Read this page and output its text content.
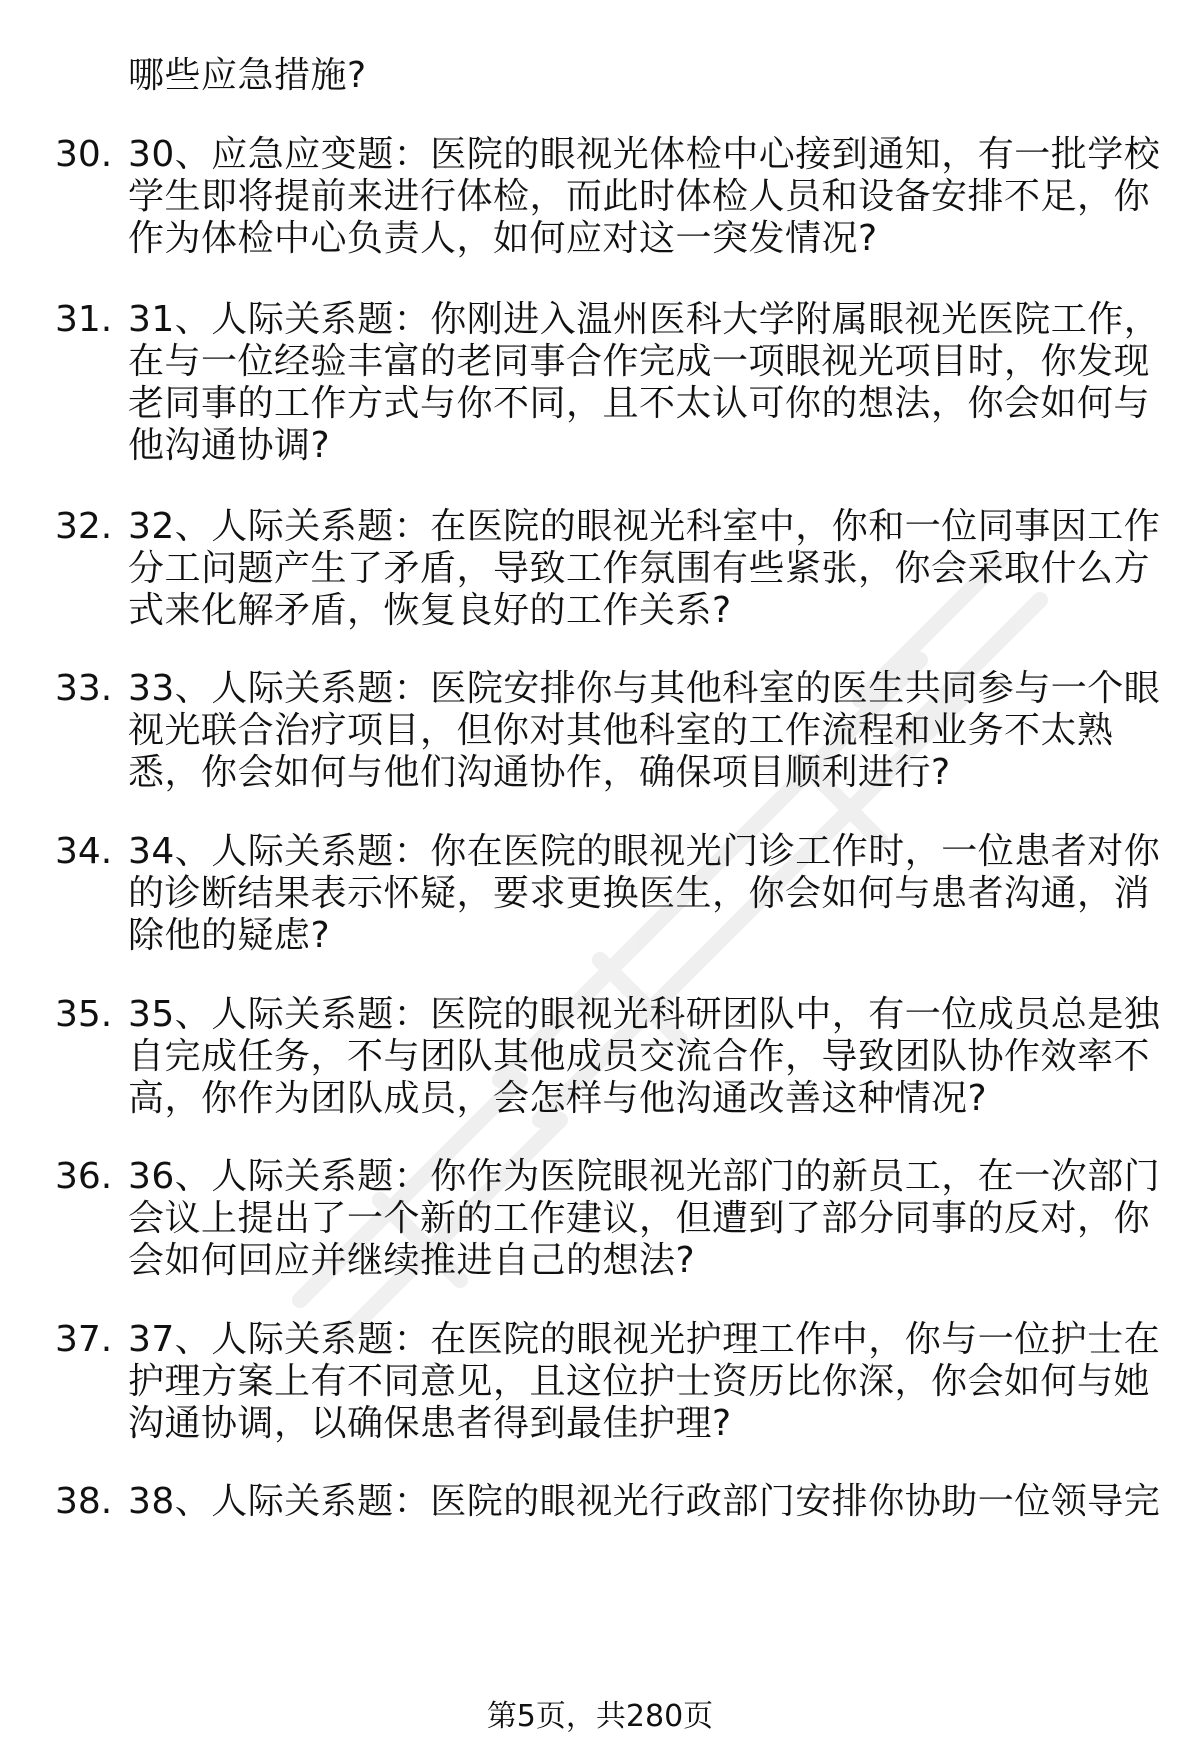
哪些应急措施?
30. 30、应急应变题：医院的眼视光体检中心接到通知，有一批学校
学生即将提前来进行体检，而此时体检人员和设备安排不足，你
作为体检中心负责人，如何应对这一突发情况?
31. 31、人际关系题：你刚进入温州医科大学附属眼视光医院工作，
在与一位经验丰富的老同事合作完成一项眼视光项目时，你发现
老同事的工作方式与你不同，且不太认可你的想法，你会如何与
他沟通协调?
32. 32、人际关系题：在医院的眼视光科室中，你和一位同事因工作
分工问题产生了矛盾，导致工作氛围有些紧张，你会采取什么方
式来化解矛盾，恢复良好的工作关系?
33. 33、人际关系题：医院安排你与其他科室的医生共同参与一个眼
视光联合治疗项目，但你对其他科室的工作流程和业务不太熟
悉，你会如何与他们沟通协作，确保项目顺利进行?
34. 34、人际关系题：你在医院的眼视光门诊工作时，一位患者对你
的诊断结果表示怀疑，要求更换医生，你会如何与患者沟通，消
除他的疑虑?
35. 35、人际关系题：医院的眼视光科研团队中，有一位成员总是独
自完成任务，不与团队其他成员交流合作，导致团队协作效率不
高，你作为团队成员，会怎样与他沟通改善这种情况?
36. 36、人际关系题：你作为医院眼视光部门的新员工，在一次部门
会议上提出了一个新的工作建议，但遭到了部分同事的反对，你
会如何回应并继续推进自己的想法?
37. 37、人际关系题：在医院的眼视光护理工作中，你与一位护士在
护理方案上有不同意见，且这位护士资历比你深，你会如何与她
沟通协调，以确保患者得到最佳护理?
38. 38、人际关系题：医院的眼视光行政部门安排你协助一位领导完
第5页，共280页
